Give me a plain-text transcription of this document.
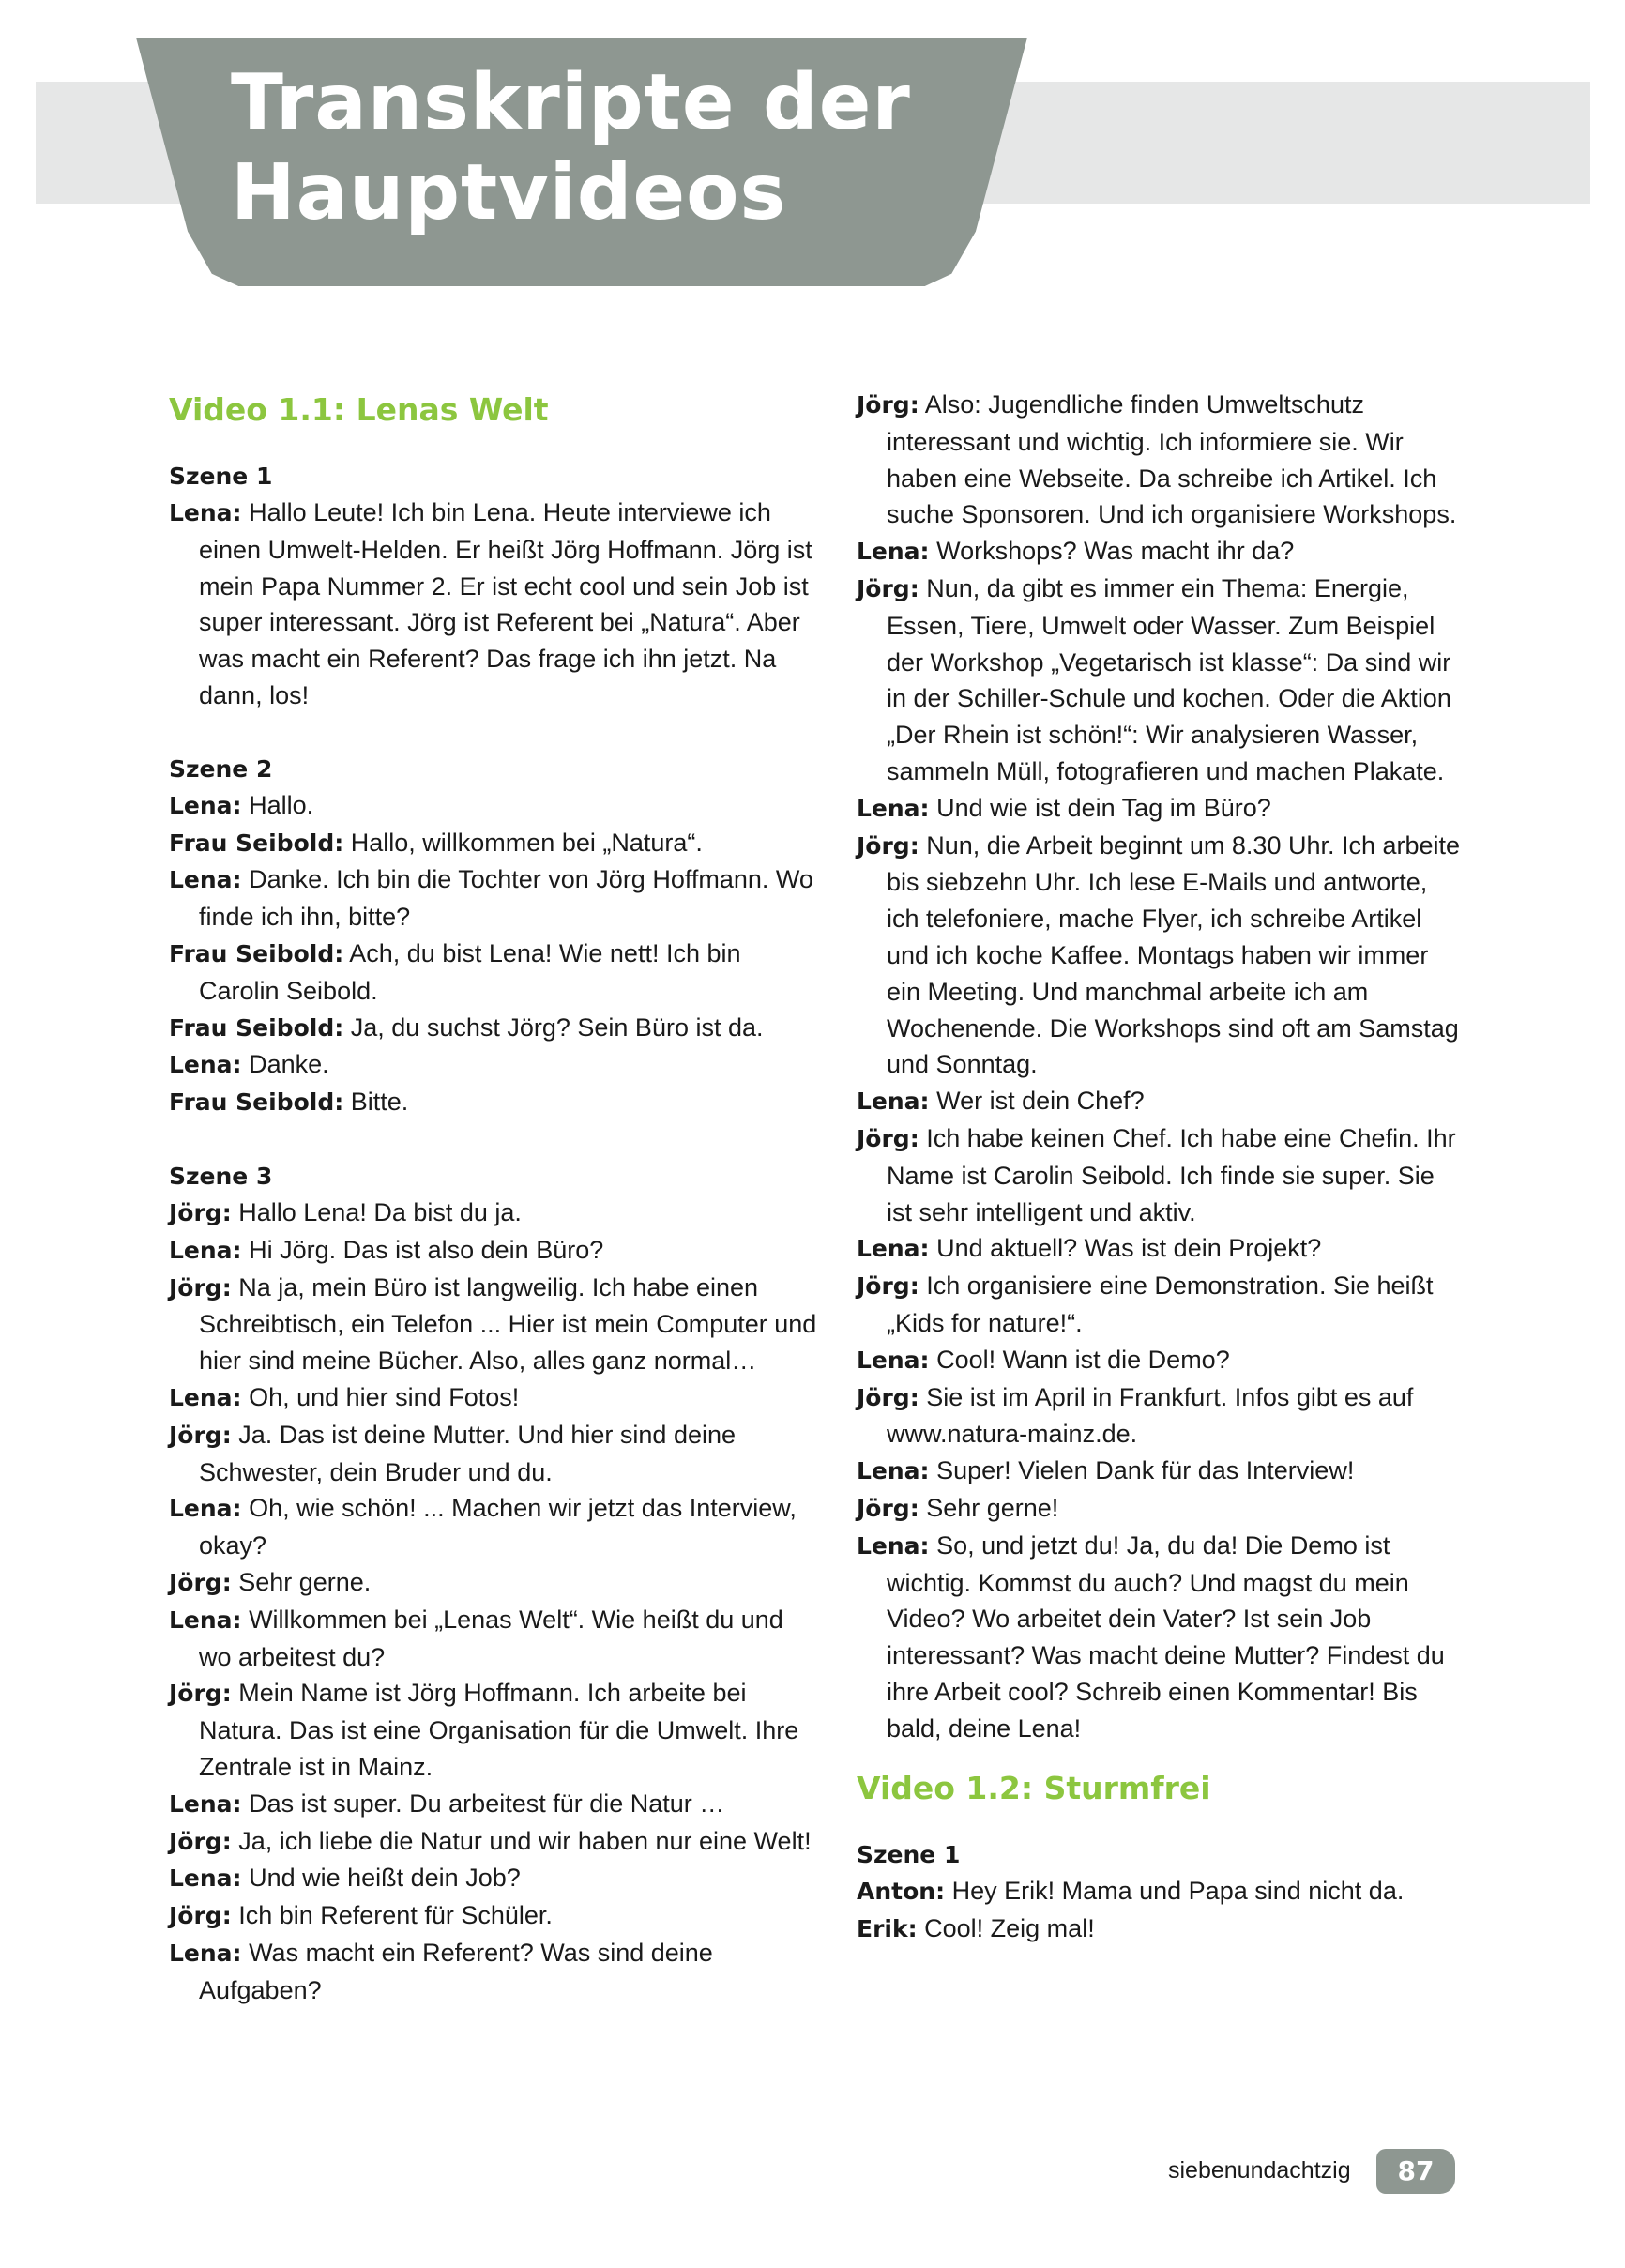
Transkripte der
Hauptvideos
Video 1.1: Lenas Welt
Szene 1

Lena: Hallo Leute! Ich bin Lena. Heute interviewe ich einen Umwelt-Helden. Er heißt Jörg Hoffmann. Jörg ist mein Papa Nummer 2. Er ist echt cool und sein Job ist super interessant. Jörg ist Referent bei „Natura“. Aber was macht ein Referent? Das frage ich ihn jetzt. Na dann, los!

Szene 2

Lena: Hallo.

Frau Seibold: Hallo, willkommen bei „Natura“.

Lena: Danke. Ich bin die Tochter von Jörg Hoffmann. Wo finde ich ihn, bitte?

Frau Seibold: Ach, du bist Lena! Wie nett! Ich bin Carolin Seibold.

Frau Seibold: Ja, du suchst Jörg? Sein Büro ist da.

Lena: Danke.

Frau Seibold: Bitte.

Szene 3

Jörg: Hallo Lena! Da bist du ja.

Lena: Hi Jörg. Das ist also dein Büro?

Jörg: Na ja, mein Büro ist langweilig. Ich habe einen Schreibtisch, ein Telefon ... Hier ist mein Computer und hier sind meine Bücher. Also, alles ganz normal…

Lena: Oh, und hier sind Fotos!

Jörg: Ja. Das ist deine Mutter. Und hier sind deine Schwester, dein Bruder und du.

Lena: Oh, wie schön! ... Machen wir jetzt das Interview, okay?

Jörg: Sehr gerne.

Lena: Willkommen bei „Lenas Welt“. Wie heißt du und wo arbeitest du?

Jörg: Mein Name ist Jörg Hoffmann. Ich arbeite bei Natura. Das ist eine Organisation für die Umwelt. Ihre Zentrale ist in Mainz.

Lena: Das ist super. Du arbeitest für die Natur …

Jörg: Ja, ich liebe die Natur und wir haben nur eine Welt!

Lena: Und wie heißt dein Job?

Jörg: Ich bin Referent für Schüler.

Lena: Was macht ein Referent? Was sind deine Aufgaben?

Jörg: Also: Jugendliche finden Umweltschutz interessant und wichtig. Ich informiere sie. Wir haben eine Webseite. Da schreibe ich Artikel. Ich suche Sponsoren. Und ich organisiere Workshops.

Lena: Workshops? Was macht ihr da?

Jörg: Nun, da gibt es immer ein Thema: Energie, Essen, Tiere, Umwelt oder Wasser. Zum Beispiel der Workshop „Vegetarisch ist klasse“: Da sind wir in der Schiller-Schule und kochen. Oder die Aktion „Der Rhein ist schön!“: Wir analysieren Wasser, sammeln Müll, fotografieren und machen Plakate.

Lena: Und wie ist dein Tag im Büro?

Jörg: Nun, die Arbeit beginnt um 8.30 Uhr. Ich arbeite bis siebzehn Uhr. Ich lese E-Mails und antworte, ich telefoniere, mache Flyer, ich schreibe Artikel und ich koche Kaffee. Montags haben wir immer ein Meeting. Und manchmal arbeite ich am Wochenende. Die Workshops sind oft am Samstag und Sonntag.

Lena: Wer ist dein Chef?

Jörg: Ich habe keinen Chef. Ich habe eine Chefin. Ihr Name ist Carolin Seibold. Ich finde sie super. Sie ist sehr intelligent und aktiv.

Lena: Und aktuell? Was ist dein Projekt?

Jörg: Ich organisiere eine Demonstration. Sie heißt „Kids for nature!“.

Lena: Cool! Wann ist die Demo?

Jörg: Sie ist im April in Frankfurt. Infos gibt es auf www.natura-mainz.de.

Lena: Super! Vielen Dank für das Interview!

Jörg: Sehr gerne!

Lena: So, und jetzt du! Ja, du da! Die Demo ist wichtig. Kommst du auch? Und magst du mein Video? Wo arbeitet dein Vater? Ist sein Job interessant? Was macht deine Mutter? Findest du ihre Arbeit cool? Schreib einen Kommentar! Bis bald, deine Lena!

Video 1.2: Sturmfrei
Szene 1

Anton: Hey Erik! Mama und Papa sind nicht da.

Erik: Cool! Zeig mal!

siebenundachtzig	87
